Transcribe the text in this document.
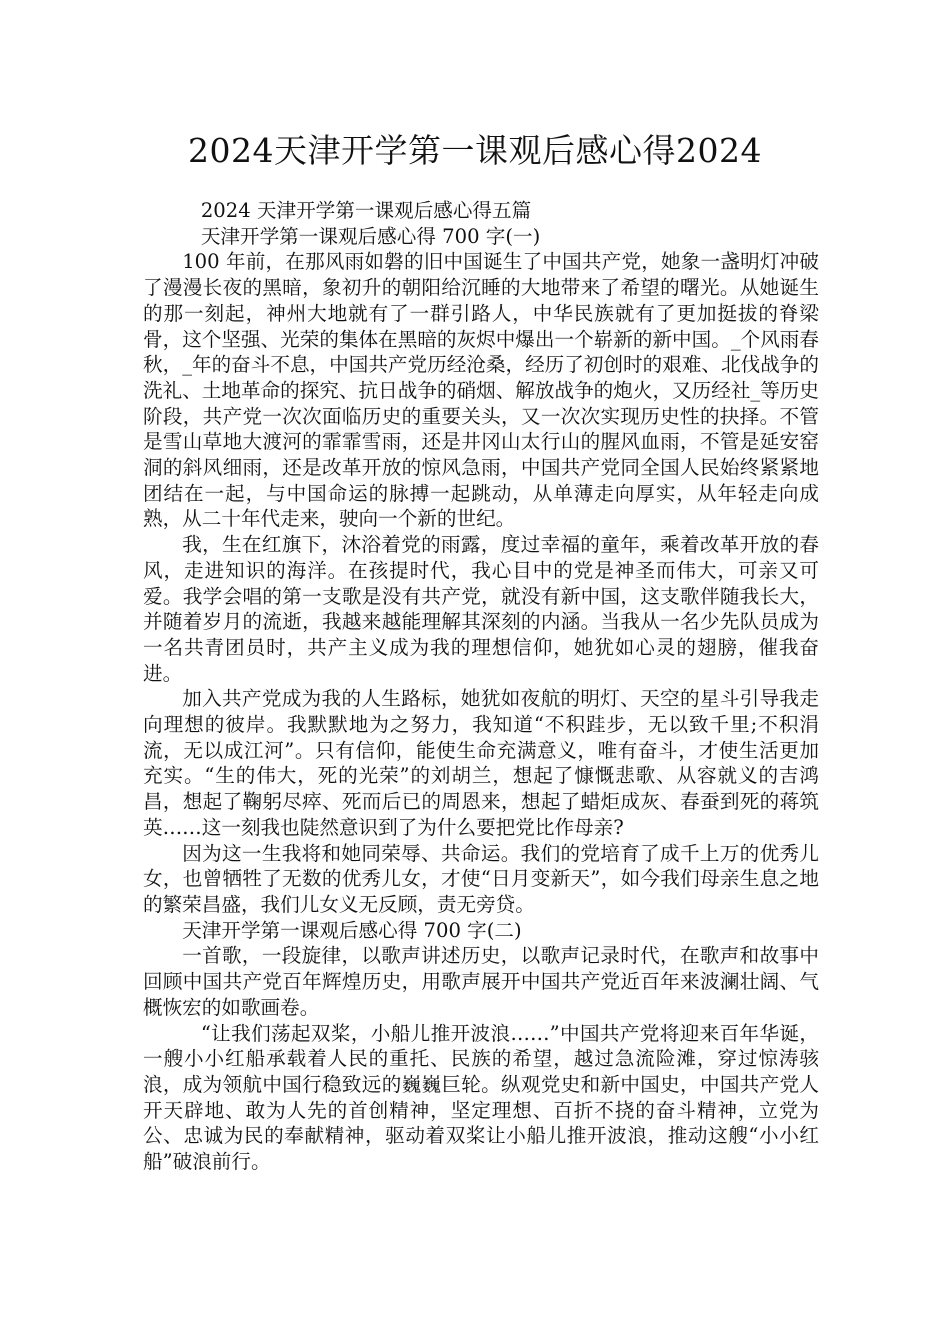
2024天津开学第一课观后感心得2024

2024 天津开学第一课观后感心得五篇

天津开学第一课观后感心得 700 字(一)

100 年前，在那风雨如磐的旧中国诞生了中国共产党，她象一盏明灯冲破了漫漫长夜的黑暗，象初升的朝阳给沉睡的大地带来了希望的曙光。从她诞生的那一刻起，神州大地就有了一群引路人，中华民族就有了更加挺拔的脊梁骨，这个坚强、光荣的集体在黑暗的灰烬中爆出一个崭新的新中国。_个风雨春秋，_年的奋斗不息，中国共产党历经沧桑，经历了初创时的艰难、北伐战争的洗礼、土地革命的探究、抗日战争的硝烟、解放战争的炮火，又历经社_等历史阶段，共产党一次次面临历史的重要关头，又一次次实现历史性的抉择。不管是雪山草地大渡河的霏霏雪雨，还是井冈山太行山的腥风血雨，不管是延安窑洞的斜风细雨，还是改革开放的惊风急雨，中国共产党同全国人民始终紧紧地团结在一起，与中国命运的脉搏一起跳动，从单薄走向厚实，从年轻走向成熟，从二十年代走来，驶向一个新的世纪。

我，生在红旗下，沐浴着党的雨露，度过幸福的童年，乘着改革开放的春风，走进知识的海洋。在孩提时代，我心目中的党是神圣而伟大，可亲又可爱。我学会唱的第一支歌是没有共产党，就没有新中国，这支歌伴随我长大，并随着岁月的流逝，我越来越能理解其深刻的内涵。当我从一名少先队员成为一名共青团员时，共产主义成为我的理想信仰，她犹如心灵的翅膀，催我奋进。

加入共产党成为我的人生路标，她犹如夜航的明灯、天空的星斗引导我走向理想的彼岸。我默默地为之努力，我知道“不积跬步，无以致千里;不积涓流，无以成江河”。只有信仰，能使生命充满意义，唯有奋斗，才使生活更加充实。“生的伟大，死的光荣”的刘胡兰，想起了慷慨悲歌、从容就义的吉鸿昌，想起了鞠躬尽瘁、死而后已的周恩来，想起了蜡炬成灰、春蚕到死的蒋筑英……这一刻我也陡然意识到了为什么要把党比作母亲?

因为这一生我将和她同荣辱、共命运。我们的党培育了成千上万的优秀儿女，也曾牺牲了无数的优秀儿女，才使“日月变新天”，如今我们母亲生息之地的繁荣昌盛，我们儿女义无反顾，责无旁贷。

天津开学第一课观后感心得 700 字(二)

一首歌，一段旋律，以歌声讲述历史，以歌声记录时代，在歌声和故事中回顾中国共产党百年辉煌历史，用歌声展开中国共产党近百年来波澜壮阔、气概恢宏的如歌画卷。

“让我们荡起双桨，小船儿推开波浪……”中国共产党将迎来百年华诞，一艘小小红船承载着人民的重托、民族的希望，越过急流险滩，穿过惊涛骇浪，成为领航中国行稳致远的巍巍巨轮。纵观党史和新中国史，中国共产党人开天辟地、敢为人先的首创精神，坚定理想、百折不挠的奋斗精神，立党为公、忠诚为民的奉献精神，驱动着双桨让小船儿推开波浪，推动这艘“小小红船”破浪前行。
